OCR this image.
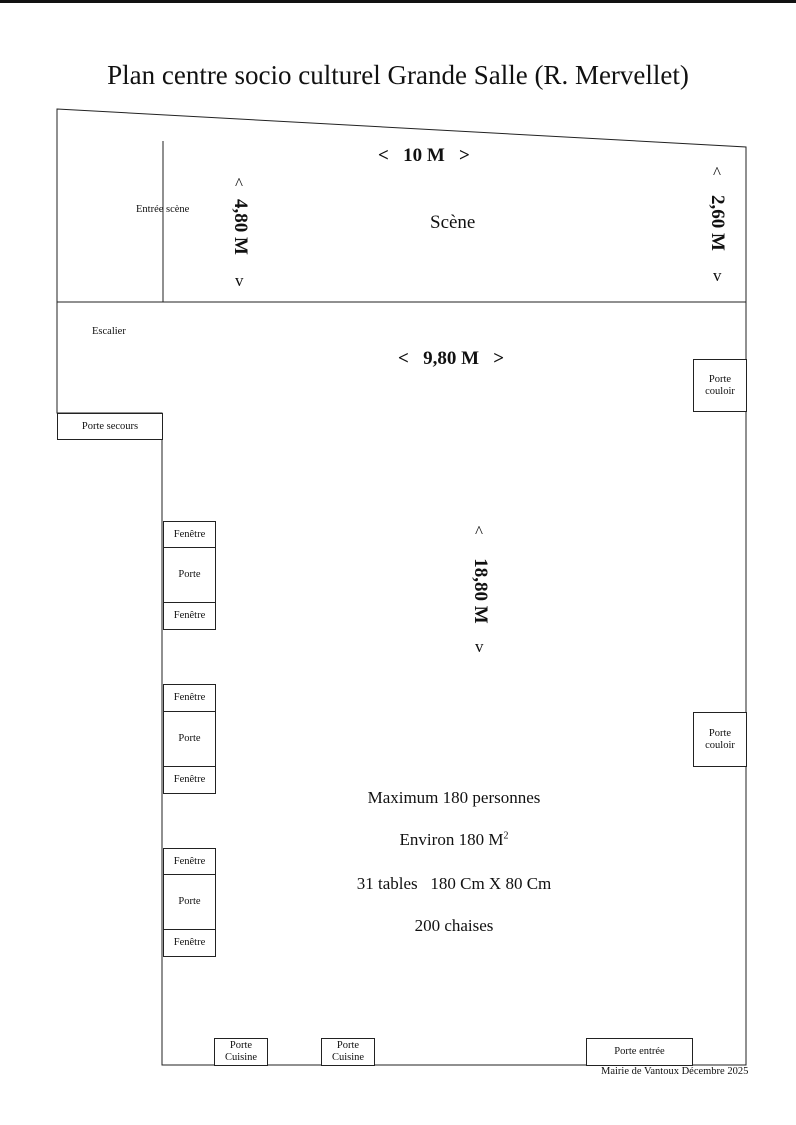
Plan centre socio culturel Grande Salle (R. Mervellet)
Entrée scène
< 10 M >
Scène
^
4,80 M
v
^
2,60 M
v
Escalier
< 9,80 M >
Porte secours
Porte couloir
Porte couloir
^
18,80 M
v
Fenêtre
Porte
Fenêtre
Fenêtre
Porte
Fenêtre
Fenêtre
Porte
Fenêtre
Porte Cuisine
Porte Cuisine
Porte entrée
Maximum 180 personnes
Environ 180 $M^2$
31 tables   180 Cm X 80 Cm
200 chaises
Mairie de Vantoux Décembre 2025
